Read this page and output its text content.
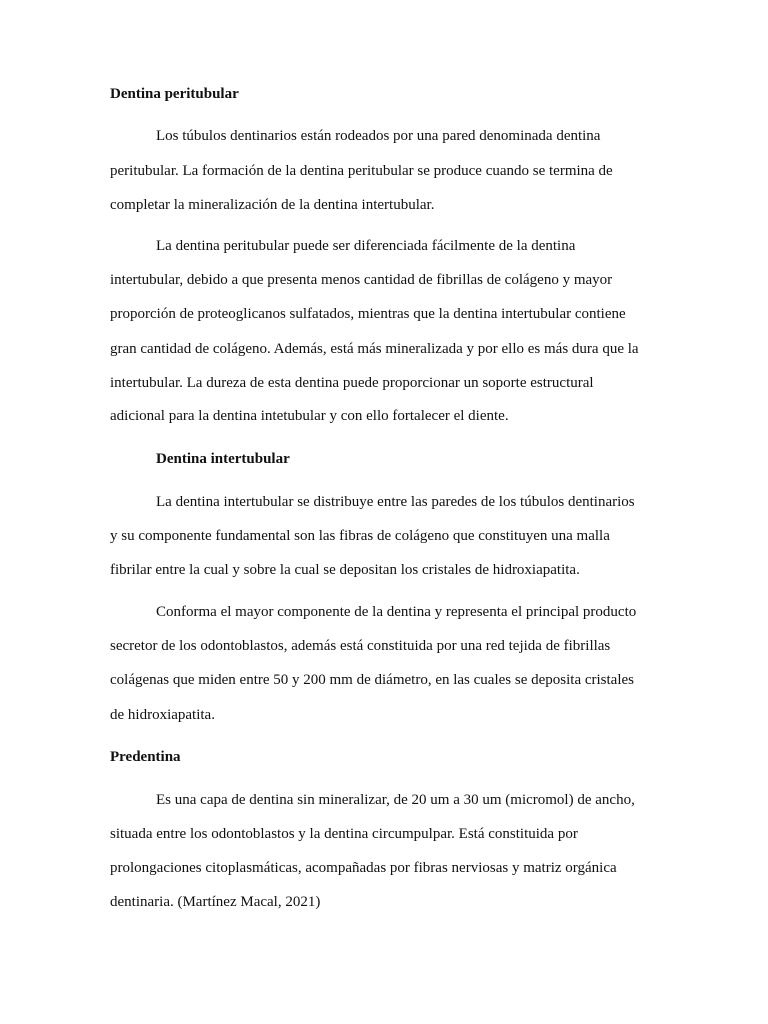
Dentina peritubular
Los túbulos dentinarios están rodeados por una pared denominada dentina
peritubular. La formación de la dentina peritubular se produce cuando se termina de
completar la mineralización de la dentina intertubular.
La dentina peritubular puede ser diferenciada fácilmente de la dentina
intertubular, debido a que presenta menos cantidad de fibrillas de colágeno y mayor
proporción de proteoglicanos sulfatados, mientras que la dentina intertubular contiene
gran cantidad de colágeno. Además, está más mineralizada y por ello es más dura que la
intertubular. La dureza de esta dentina puede proporcionar un soporte estructural
adicional para la dentina intetubular y con ello fortalecer el diente.
Dentina intertubular
La dentina intertubular se distribuye entre las paredes de los túbulos dentinarios
y su componente fundamental son las fibras de colágeno que constituyen una malla
fibrilar entre la cual y sobre la cual se depositan los cristales de hidroxiapatita.
Conforma el mayor componente de la dentina y representa el principal producto
secretor de los odontoblastos, además está constituida por una red tejida de fibrillas
colágenas que miden entre 50 y 200 mm de diámetro, en las cuales se deposita cristales
de hidroxiapatita.
Predentina
Es una capa de dentina sin mineralizar, de 20 um a 30 um (micromol) de ancho,
situada entre los odontoblastos y la dentina circumpulpar. Está constituida por
prolongaciones citoplasmáticas, acompañadas por fibras nerviosas y matriz orgánica
dentinaria. (Martínez Macal, 2021)
